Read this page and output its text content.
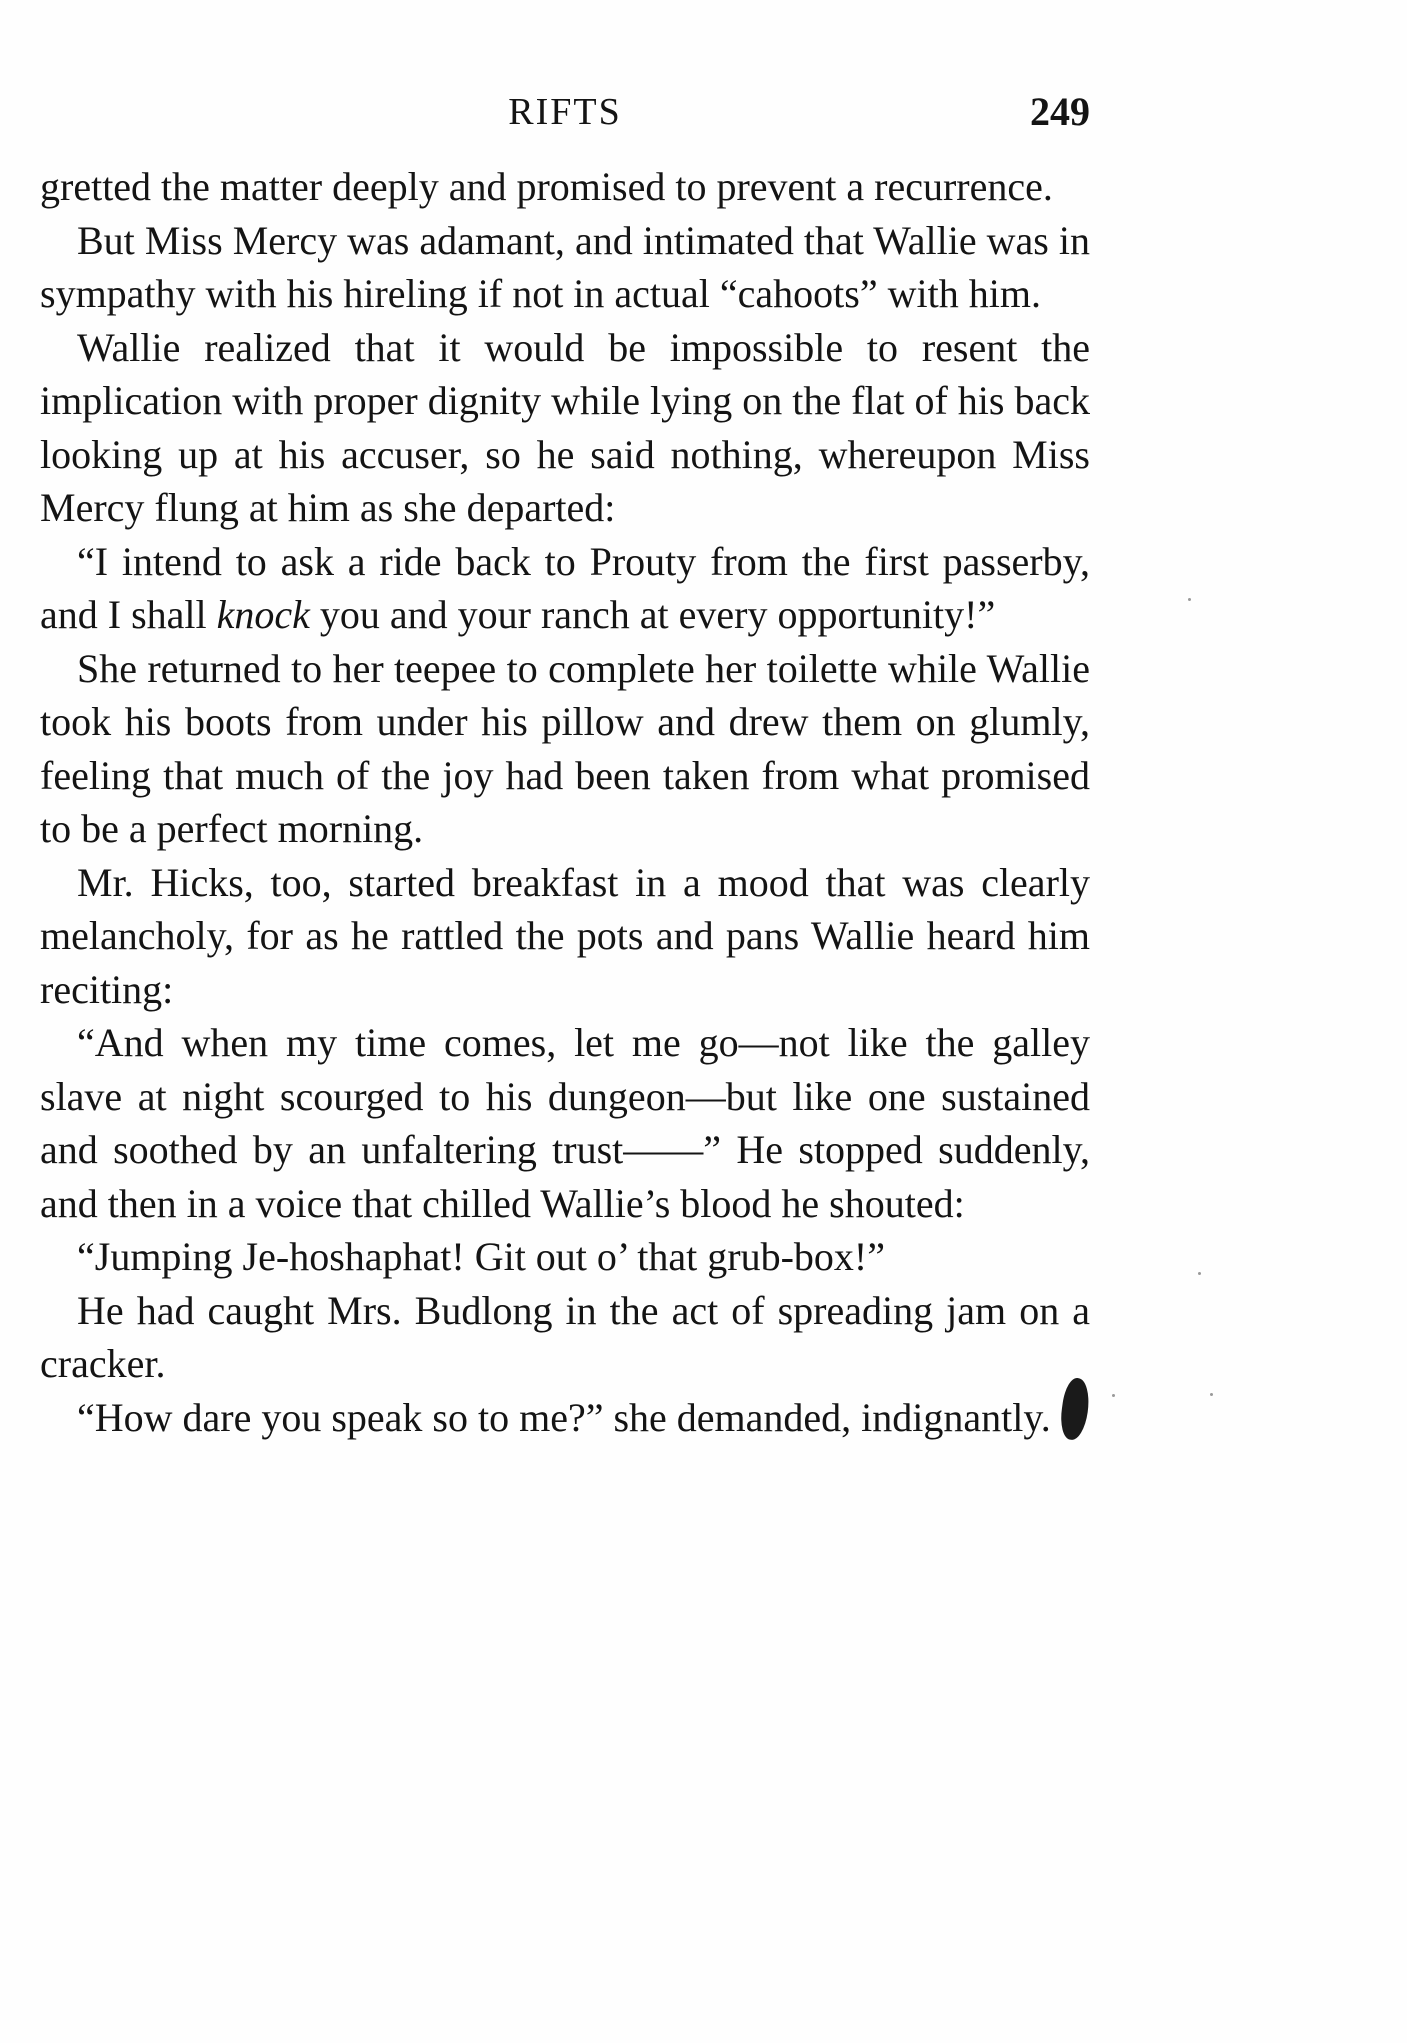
RIFTS	249

gretted the matter deeply and promised to prevent a recurrence.

But Miss Mercy was adamant, and intimated that Wallie was in sympathy with his hireling if not in actual “cahoots” with him.

Wallie realized that it would be impossible to resent the implication with proper dignity while lying on the flat of his back looking up at his accuser, so he said nothing, whereupon Miss Mercy flung at him as she departed:

“I intend to ask a ride back to Prouty from the first passerby, and I shall knock you and your ranch at every opportunity!”

She returned to her teepee to complete her toilette while Wallie took his boots from under his pillow and drew them on glumly, feeling that much of the joy had been taken from what promised to be a perfect morning.

Mr. Hicks, too, started breakfast in a mood that was clearly melancholy, for as he rattled the pots and pans Wallie heard him reciting:

“And when my time comes, let me go—not like the galley slave at night scourged to his dungeon—but like one sustained and soothed by an unfaltering trust——” He stopped suddenly, and then in a voice that chilled Wallie’s blood he shouted:

“Jumping Je-hoshaphat! Git out o’ that grub-box!”

He had caught Mrs. Budlong in the act of spreading jam on a cracker.

“How dare you speak so to me?” she demanded, indignantly.
